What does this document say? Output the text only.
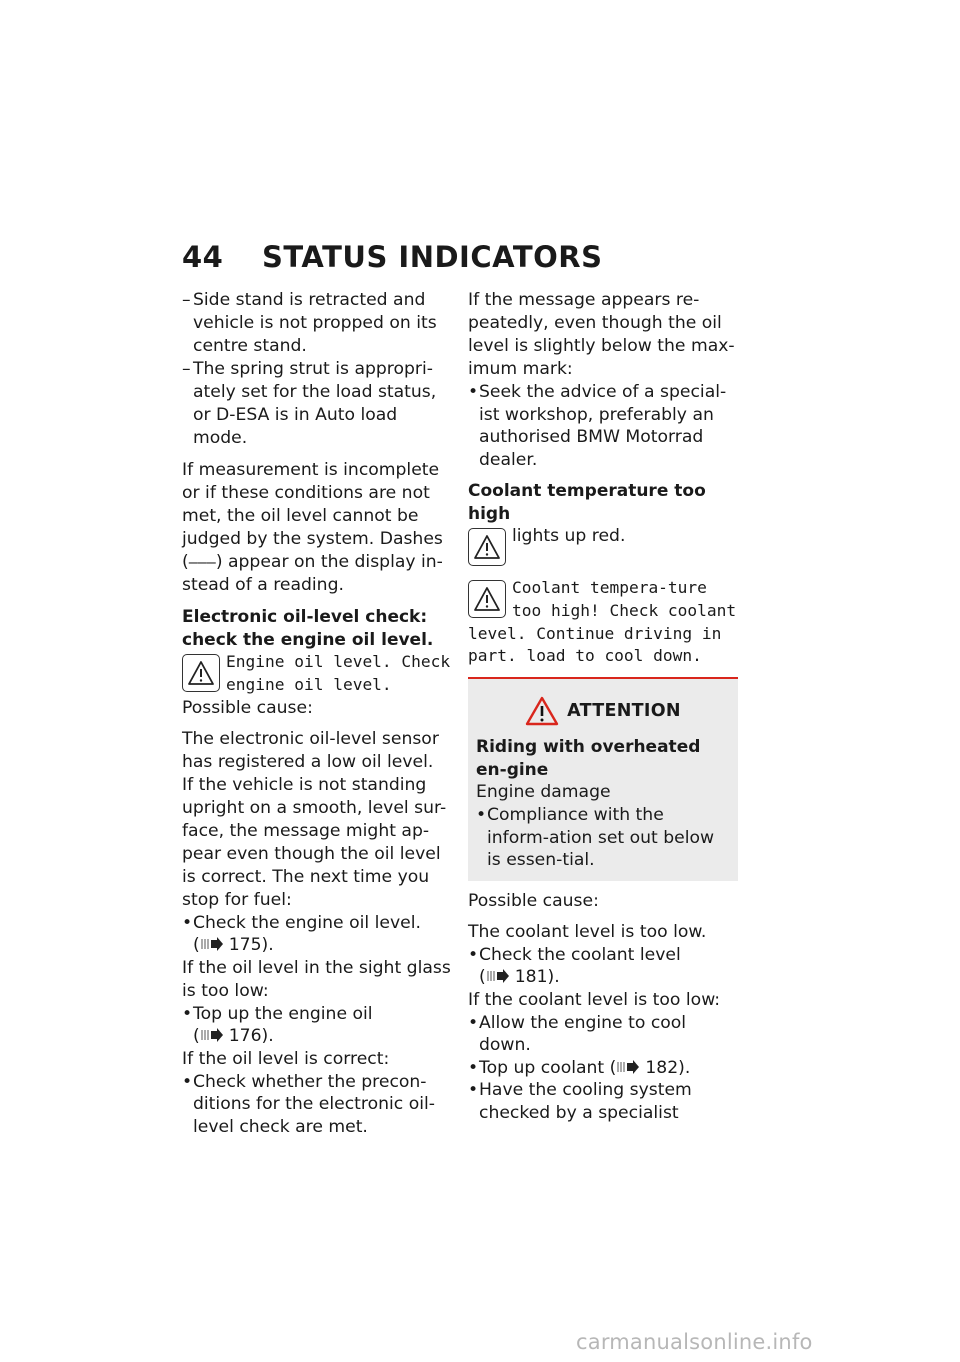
44 STATUS INDICATORS
– Side stand is retracted and vehicle is not propped on its centre stand.
– The spring strut is appropri-ately set for the load status, or D-ESA is in Auto load mode.

If measurement is incomplete or if these conditions are not met, the oil level cannot be judged by the system. Dashes (–––) appear on the display in-stead of a reading.

Electronic oil-level check: check the engine oil level.

Engine oil level. Check engine oil level.

Possible cause:

The electronic oil-level sensor has registered a low oil level.

If the vehicle is not standing upright on a smooth, level sur-face, the message might ap-pear even though the oil level is correct. The next time you stop for fuel:

• Check the engine oil level.
( 175).

If the oil level in the sight glass is too low:

• Top up the engine oil
( 176).

If the oil level is correct:

• Check whether the precon-ditions for the electronic oil-level check are met.

If the message appears re-peatedly, even though the oil level is slightly below the max-imum mark:

• Seek the advice of a special-ist workshop, preferably an authorised BMW Motorrad dealer.

Coolant temperature too high

lights up red.

Coolant tempera-ture too high! Check coolant level. Continue driving in part. load to cool down.
ATTENTION

Riding with overheated en-gine

Engine damage

• Compliance with the inform-ation set out below is essen-tial.

Possible cause:

The coolant level is too low.

• Check the coolant level
( 181).

If the coolant level is too low:

• Allow the engine to cool down.
• Top up coolant ( 182).
• Have the cooling system checked by a specialist
carmanualsonline.info
